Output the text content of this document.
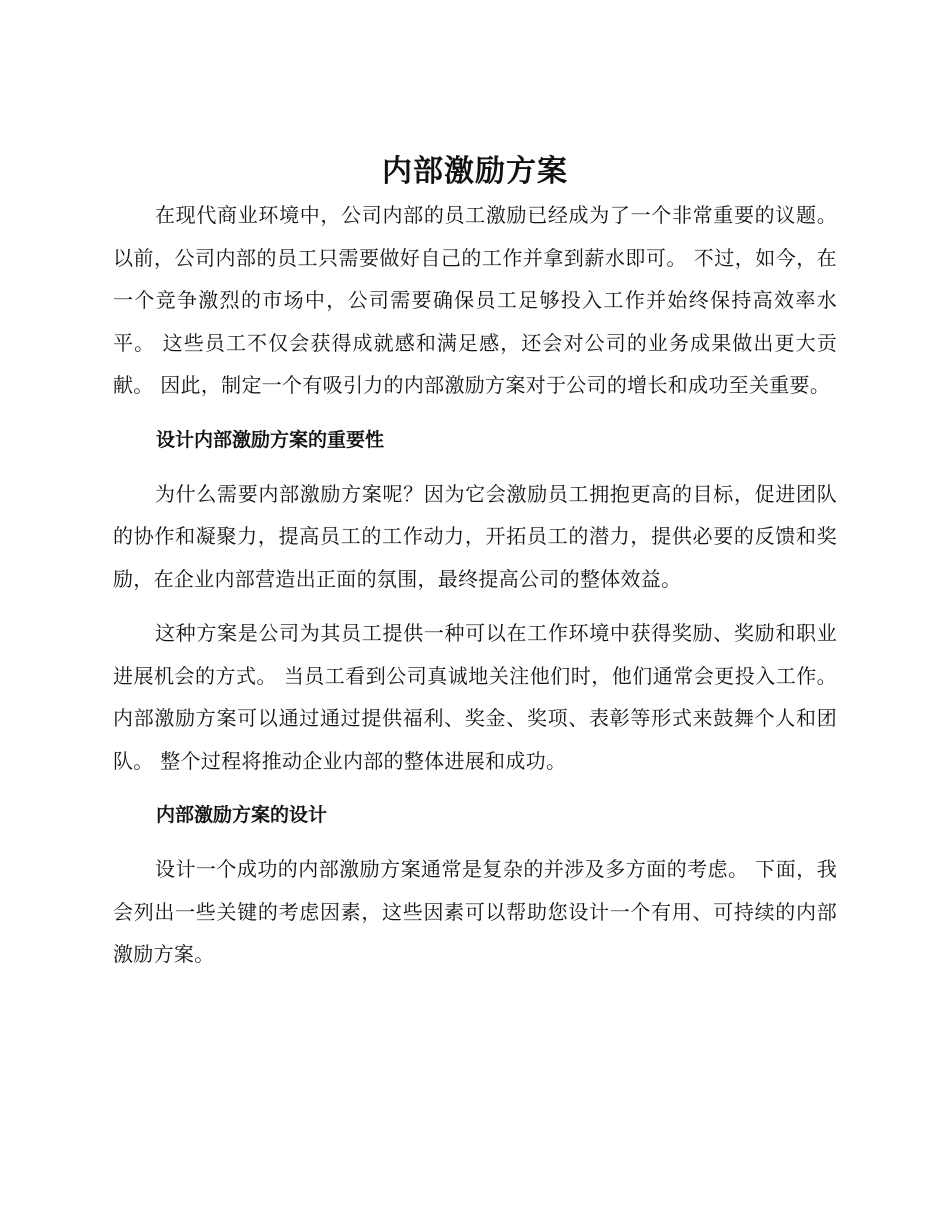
内部激励方案

在现代商业环境中，公司内部的员工激励已经成为了一个非常重要的议题。以前，公司内部的员工只需要做好自己的工作并拿到薪水即可。 不过，如今，在一个竞争激烈的市场中，公司需要确保员工足够投入工作并始终保持高效率水平。 这些员工不仅会获得成就感和满足感，还会对公司的业务成果做出更大贡献。 因此，制定一个有吸引力的内部激励方案对于公司的增长和成功至关重要。

设计内部激励方案的重要性

为什么需要内部激励方案呢？因为它会激励员工拥抱更高的目标，促进团队的协作和凝聚力，提高员工的工作动力，开拓员工的潜力，提供必要的反馈和奖励，在企业内部营造出正面的氛围，最终提高公司的整体效益。

这种方案是公司为其员工提供一种可以在工作环境中获得奖励、奖励和职业进展机会的方式。 当员工看到公司真诚地关注他们时，他们通常会更投入工作。 内部激励方案可以通过通过提供福利、奖金、奖项、表彰等形式来鼓舞个人和团队。 整个过程将推动企业内部的整体进展和成功。

内部激励方案的设计

设计一个成功的内部激励方案通常是复杂的并涉及多方面的考虑。 下面，我会列出一些关键的考虑因素，这些因素可以帮助您设计一个有用、可持续的内部激励方案。
